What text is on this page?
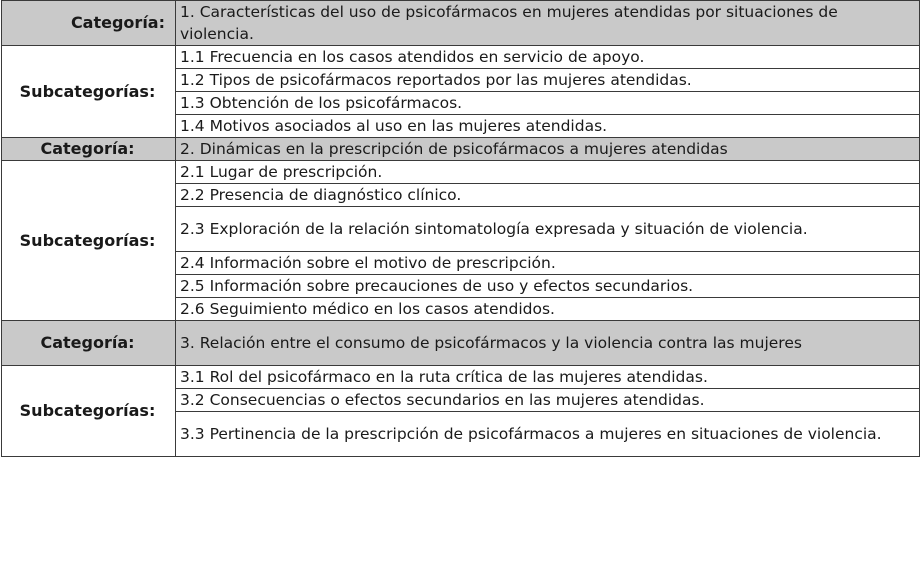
Categoría:	1. Características del uso de psicofármacos en mujeres atendidas por situaciones de violencia.
Subcategorías:	1.1 Frecuencia en los casos atendidos en servicio de apoyo.
	1.2 Tipos de psicofármacos reportados por las mujeres atendidas.
	1.3 Obtención de los psicofármacos.
	1.4 Motivos asociados al uso en las mujeres atendidas.
Categoría:	2. Dinámicas en la prescripción de psicofármacos a mujeres atendidas
Subcategorías:	2.1 Lugar de prescripción.
	2.2 Presencia de diagnóstico clínico.
	2.3 Exploración de la relación sintomatología expresada y situación de violencia.
	2.4 Información sobre el motivo de prescripción.
	2.5 Información sobre precauciones de uso y efectos secundarios.
	2.6 Seguimiento médico en los casos atendidos.
Categoría:	3. Relación entre el consumo de psicofármacos y la violencia contra las mujeres
Subcategorías:	3.1 Rol del psicofármaco en la ruta crítica de las mujeres atendidas.
	3.2 Consecuencias o efectos secundarios en las mujeres atendidas.
	3.3 Pertinencia de la prescripción de psicofármacos a mujeres en situaciones de violencia.
